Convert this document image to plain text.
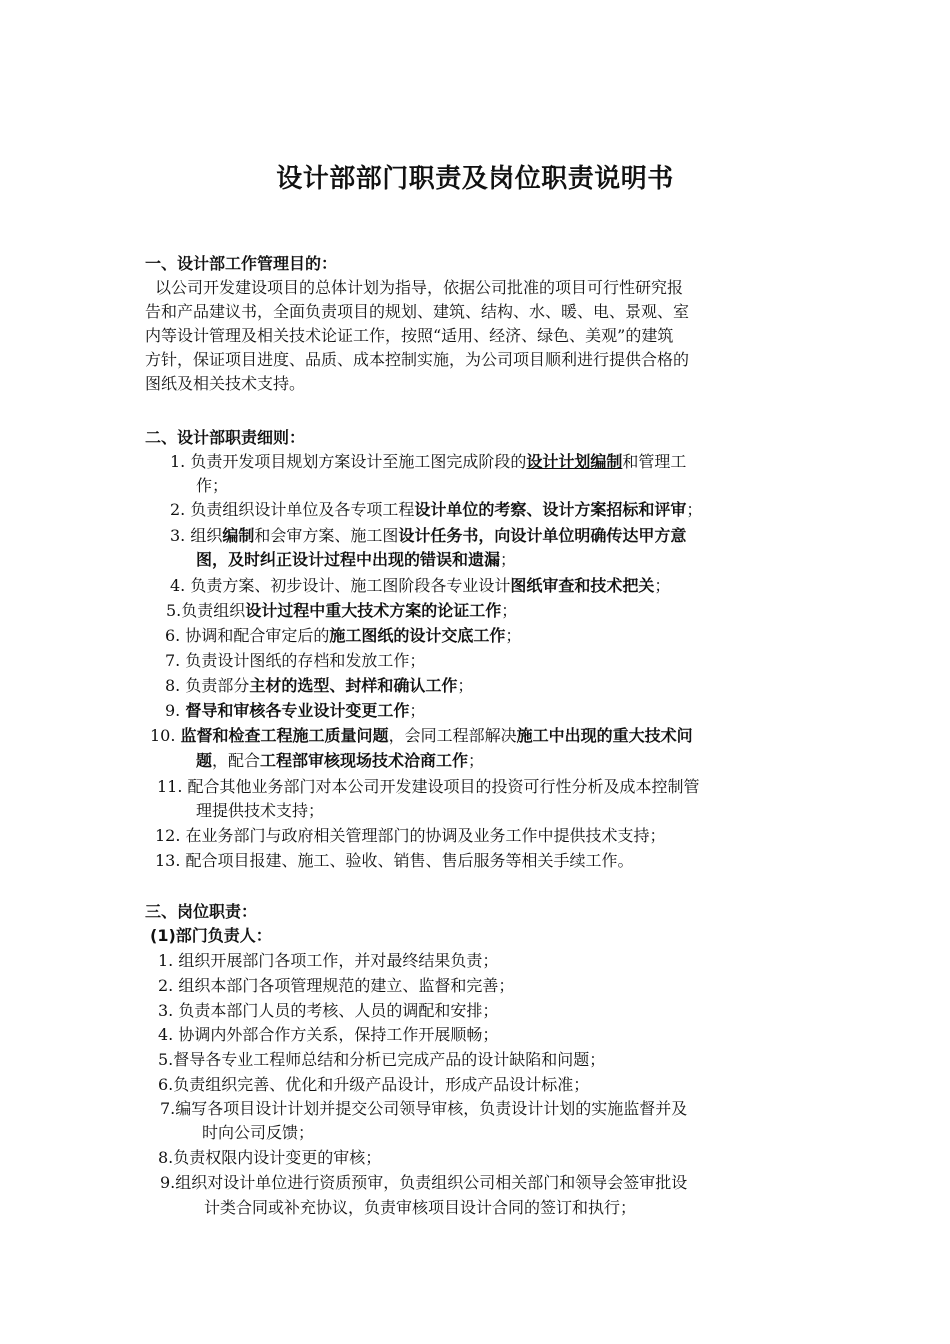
设计部部门职责及岗位职责说明书
一、设计部工作管理目的：
以公司开发建设项目的总体计划为指导，依据公司批准的项目可行性研究报
告和产品建议书，全面负责项目的规划、建筑、结构、水、暖、电、景观、室
内等设计管理及相关技术论证工作，按照“适用、经济、绿色、美观”的建筑
方针，保证项目进度、品质、成本控制实施，为公司项目顺利进行提供合格的
图纸及相关技术支持。
二、设计部职责细则：
1. 负责开发项目规划方案设计至施工图完成阶段的设计计划编制和管理工
作；
2. 负责组织设计单位及各专项工程设计单位的考察、设计方案招标和评审；
3. 组织编制和会审方案、施工图设计任务书，向设计单位明确传达甲方意
图，及时纠正设计过程中出现的错误和遗漏；
4. 负责方案、初步设计、施工图阶段各专业设计图纸审查和技术把关；
5.负责组织设计过程中重大技术方案的论证工作；
6. 协调和配合审定后的施工图纸的设计交底工作；
7. 负责设计图纸的存档和发放工作；
8. 负责部分主材的选型、封样和确认工作；
9. 督导和审核各专业设计变更工作；
10. 监督和检查工程施工质量问题，会同工程部解决施工中出现的重大技术问
题，配合工程部审核现场技术洽商工作；
11. 配合其他业务部门对本公司开发建设项目的投资可行性分析及成本控制管
理提供技术支持；
12. 在业务部门与政府相关管理部门的协调及业务工作中提供技术支持；
13. 配合项目报建、施工、验收、销售、售后服务等相关手续工作。
三、岗位职责：
(1)部门负责人：
1. 组织开展部门各项工作，并对最终结果负责；
2. 组织本部门各项管理规范的建立、监督和完善；
3. 负责本部门人员的考核、人员的调配和安排；
4. 协调内外部合作方关系，保持工作开展顺畅；
5.督导各专业工程师总结和分析已完成产品的设计缺陷和问题；
6.负责组织完善、优化和升级产品设计，形成产品设计标准；
7.编写各项目设计计划并提交公司领导审核，负责设计计划的实施监督并及
时向公司反馈；
8.负责权限内设计变更的审核；
9.组织对设计单位进行资质预审，负责组织公司相关部门和领导会签审批设
计类合同或补充协议，负责审核项目设计合同的签订和执行；
